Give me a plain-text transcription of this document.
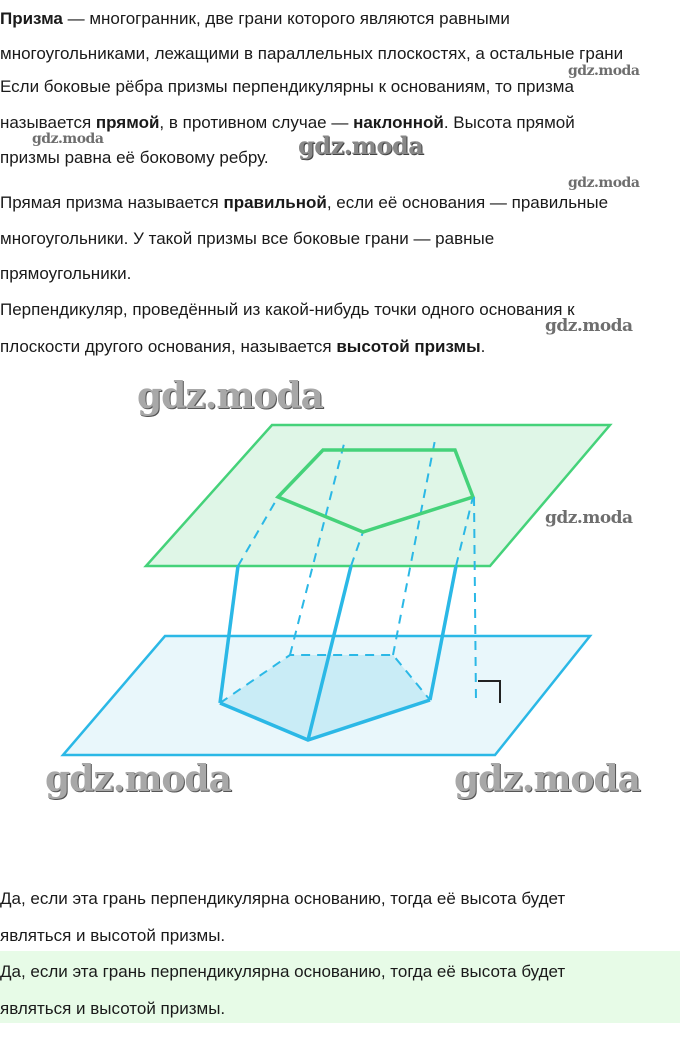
Призма — многогранник, две грани которого являются равными
многоугольниками, лежащими в параллельных плоскостях, а остальные грани
Если боковые рёбра призмы перпендикулярны к основаниям, то призма
называется прямой, в противном случае — наклонной. Высота прямой
призмы равна её боковому ребру.
Прямая призма называется правильной, если её основания — правильные
многоугольники. У такой призмы все боковые грани — равные
прямоугольники.
Перпендикуляр, проведённый из какой-нибудь точки одного основания к
плоскости другого основания, называется высотой призмы.
gdz.moda
gdz.moda	gdz.moda
gdz.moda
gdz.moda
gdz.moda
gdz.moda
gdz.moda	gdz.moda
Да, если эта грань перпендикулярна основанию, тогда её высота будет
являться и высотой призмы.
Да, если эта грань перпендикулярна основанию, тогда её высота будет
являться и высотой призмы.
